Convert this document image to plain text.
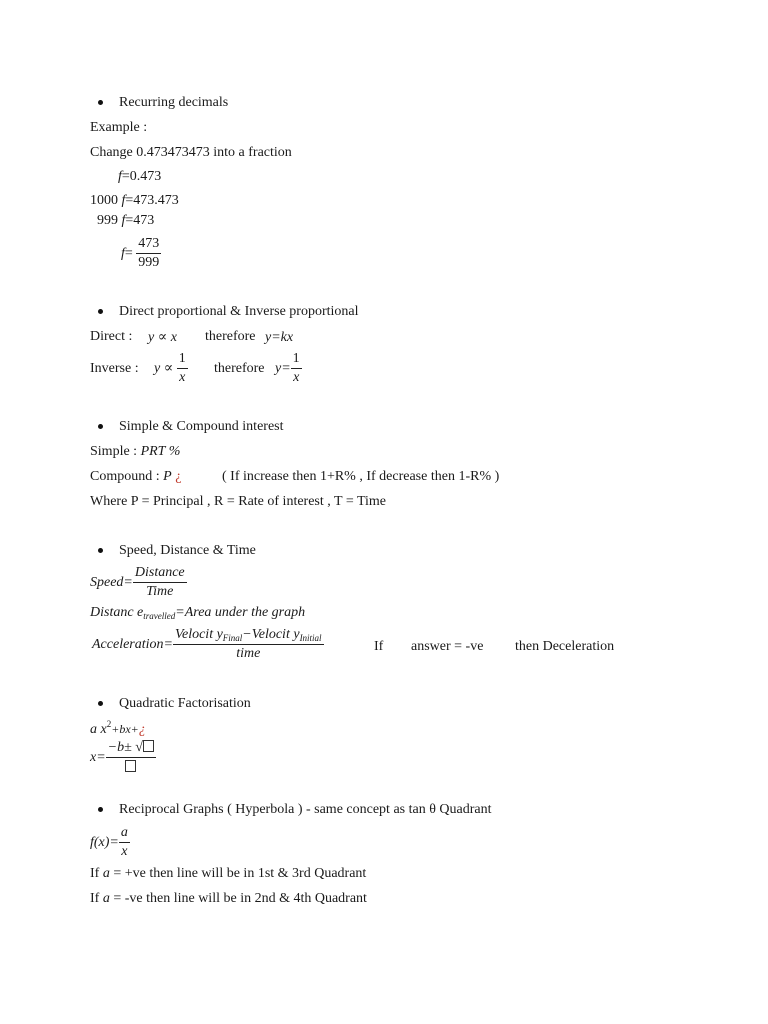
Recurring decimals
Example :
Change 0.473473473 into a fraction
f=0.473
1000 f=473.473
999 f=473
$f= \frac{473}{999}$
Direct proportional & Inverse proportional
Direct : y ∝ x therefore y=kx
Inverse : $y \propto \frac{1}{x}$ therefore $y= \frac{1}{x}$
Simple & Compound interest
Simple : PRT %
Compound : P ¿	( If increase then 1+R% , If decrease then 1-R% )
Where P = Principal , R = Rate of interest , T = Time
Speed, Distance & Time
Speed= $\frac{\text{Distance}}{\text{Time}}$
Distanc $e_{travelled}=Area$ under the graph
Acceleration= $\frac{Velocit y_{Final}-Velocit y_{Initial}}{\text{time}}$	If answer = -ve then Deceleration
Quadratic Factorisation
a $x^2+bx+¿$
x=
−b± √
Reciprocal Graphs ( Hyperbola ) - same concept as tan θ Quadrant
$f(x)= \frac{a}{x}$
If a = +ve then line will be in 1st & 3rd Quadrant
If a = -ve then line will be in 2nd & 4th Quadrant
